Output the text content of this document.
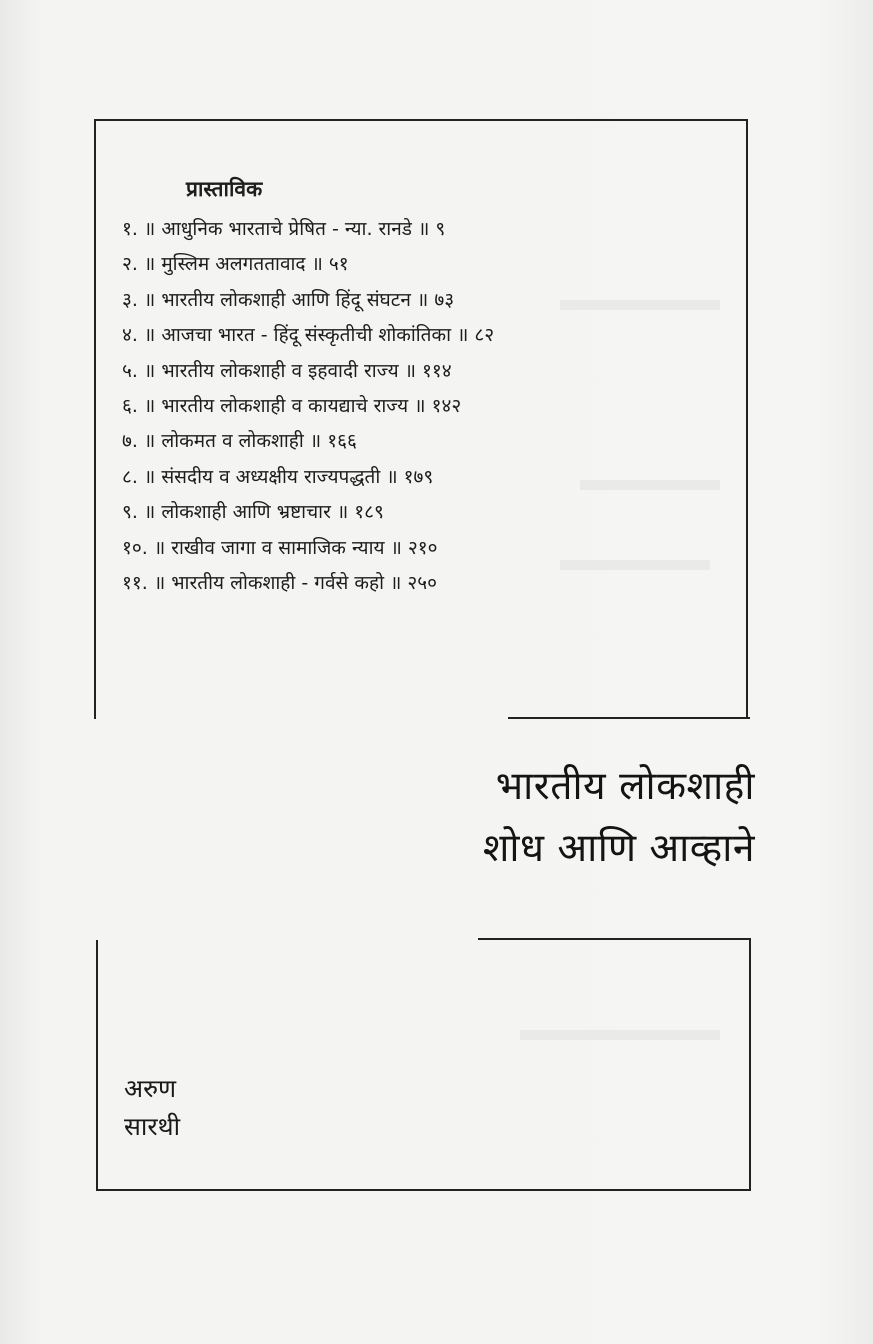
प्रास्ताविक
१. ॥ आधुनिक भारताचे प्रेषित - न्या. रानडे ॥ ९
२. ॥ मुस्लिम अलगततावाद ॥ ५१
३. ॥ भारतीय लोकशाही आणि हिंदू संघटन ॥ ७३
४. ॥ आजचा भारत - हिंदू संस्कृतीची शोकांतिका ॥ ८२
५. ॥ भारतीय लोकशाही व इहवादी राज्य ॥ ११४
६. ॥ भारतीय लोकशाही व कायद्याचे राज्य ॥ १४२
७. ॥ लोकमत व लोकशाही ॥ १६६
८. ॥ संसदीय व अध्यक्षीय राज्यपद्धती ॥ १७९
९. ॥ लोकशाही आणि भ्रष्टाचार ॥ १८९
१०. ॥ राखीव जागा व सामाजिक न्याय ॥ २१०
११. ॥ भारतीय लोकशाही - गर्वसे कहो ॥ २५०
भारतीय लोकशाही
शोध आणि आव्हाने
अरुण
सारथी
